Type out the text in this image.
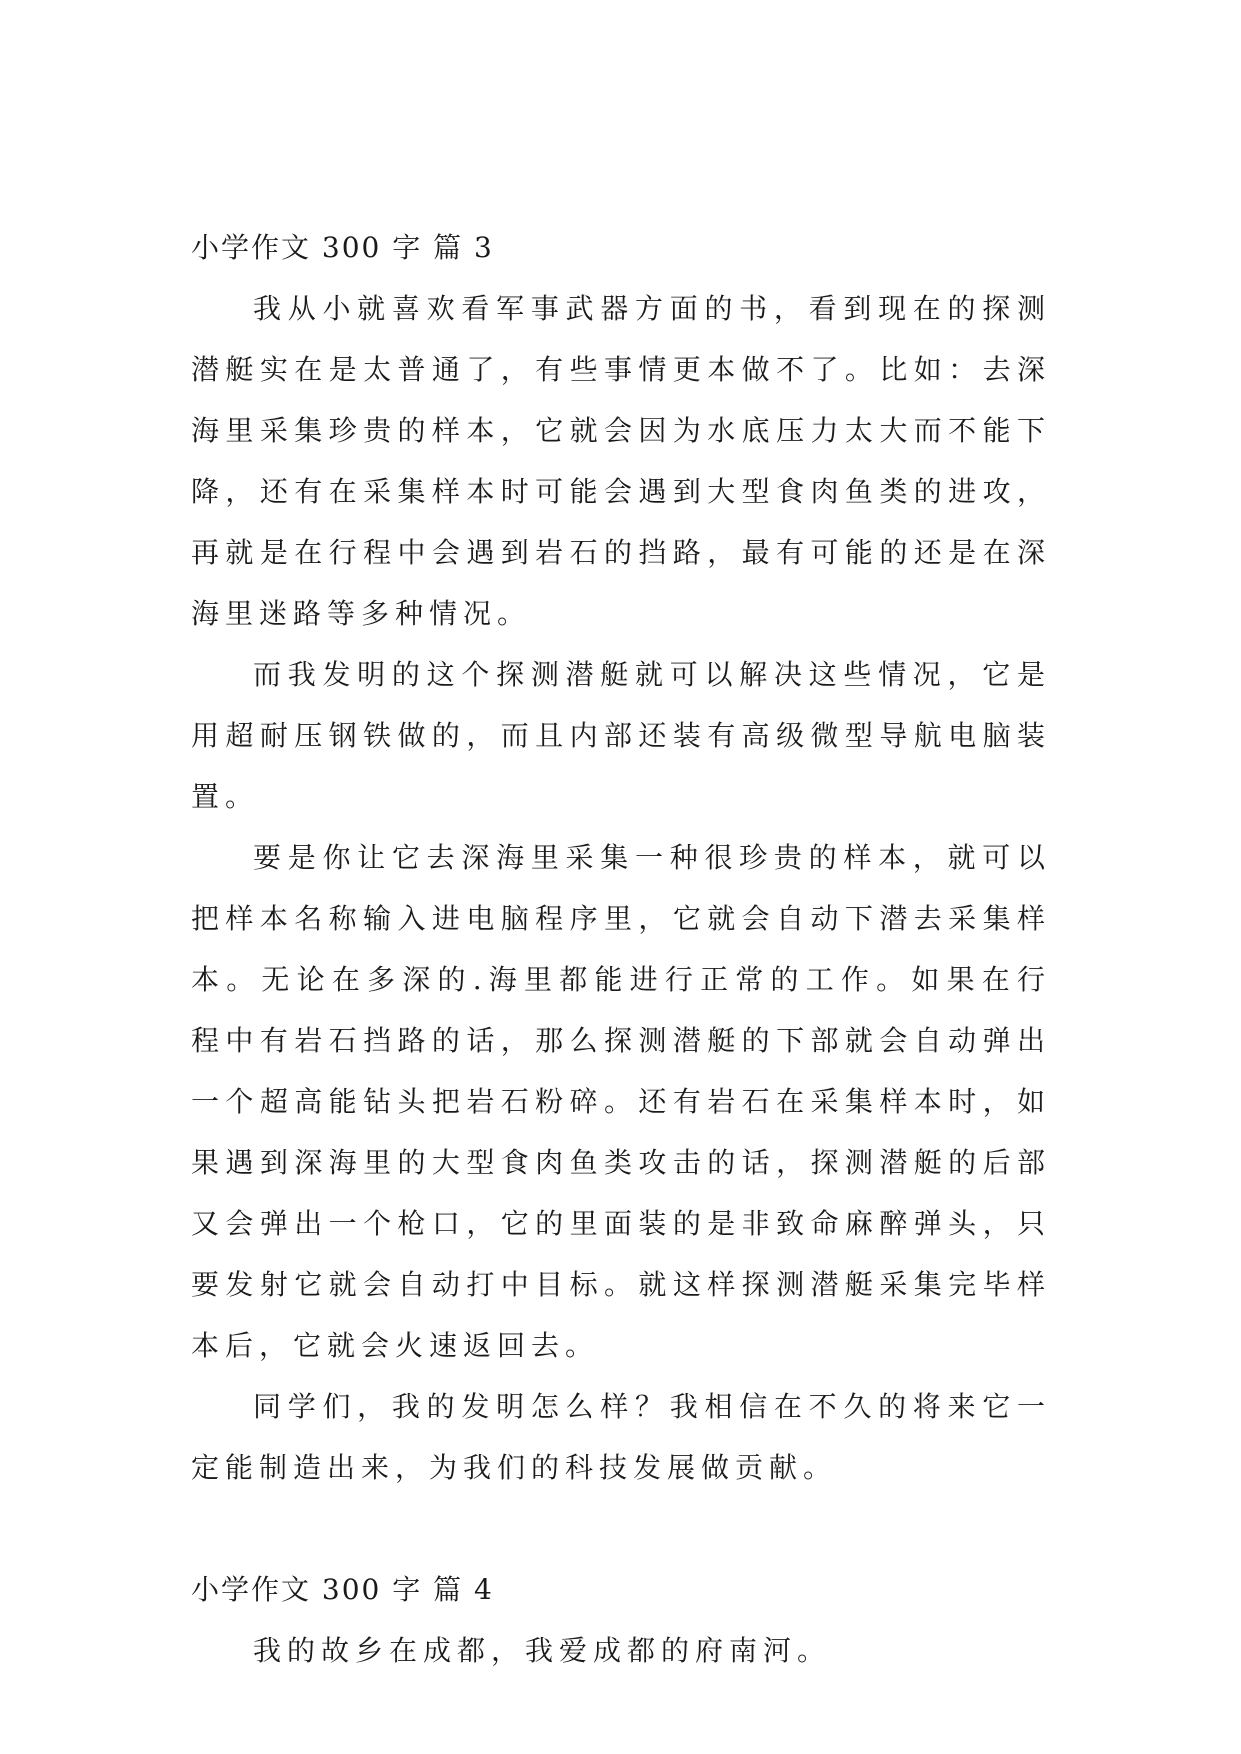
小学作文 300 字 篇 3

我从小就喜欢看军事武器方面的书，看到现在的探测潜艇实在是太普通了，有些事情更本做不了。比如：去深海里采集珍贵的样本，它就会因为水底压力太大而不能下降，还有在采集样本时可能会遇到大型食肉鱼类的进攻，再就是在行程中会遇到岩石的挡路，最有可能的还是在深海里迷路等多种情况。

而我发明的这个探测潜艇就可以解决这些情况，它是用超耐压钢铁做的，而且内部还装有高级微型导航电脑装置。

要是你让它去深海里采集一种很珍贵的样本，就可以把样本名称输入进电脑程序里，它就会自动下潜去采集样本。无论在多深的.海里都能进行正常的工作。如果在行程中有岩石挡路的话，那么探测潜艇的下部就会自动弹出一个超高能钻头把岩石粉碎。还有岩石在采集样本时，如果遇到深海里的大型食肉鱼类攻击的话，探测潜艇的后部又会弹出一个枪口，它的里面装的是非致命麻醉弹头，只要发射它就会自动打中目标。就这样探测潜艇采集完毕样本后，它就会火速返回去。

同学们，我的发明怎么样？我相信在不久的将来它一定能制造出来，为我们的科技发展做贡献。

小学作文 300 字 篇 4

我的故乡在成都，我爱成都的府南河。
